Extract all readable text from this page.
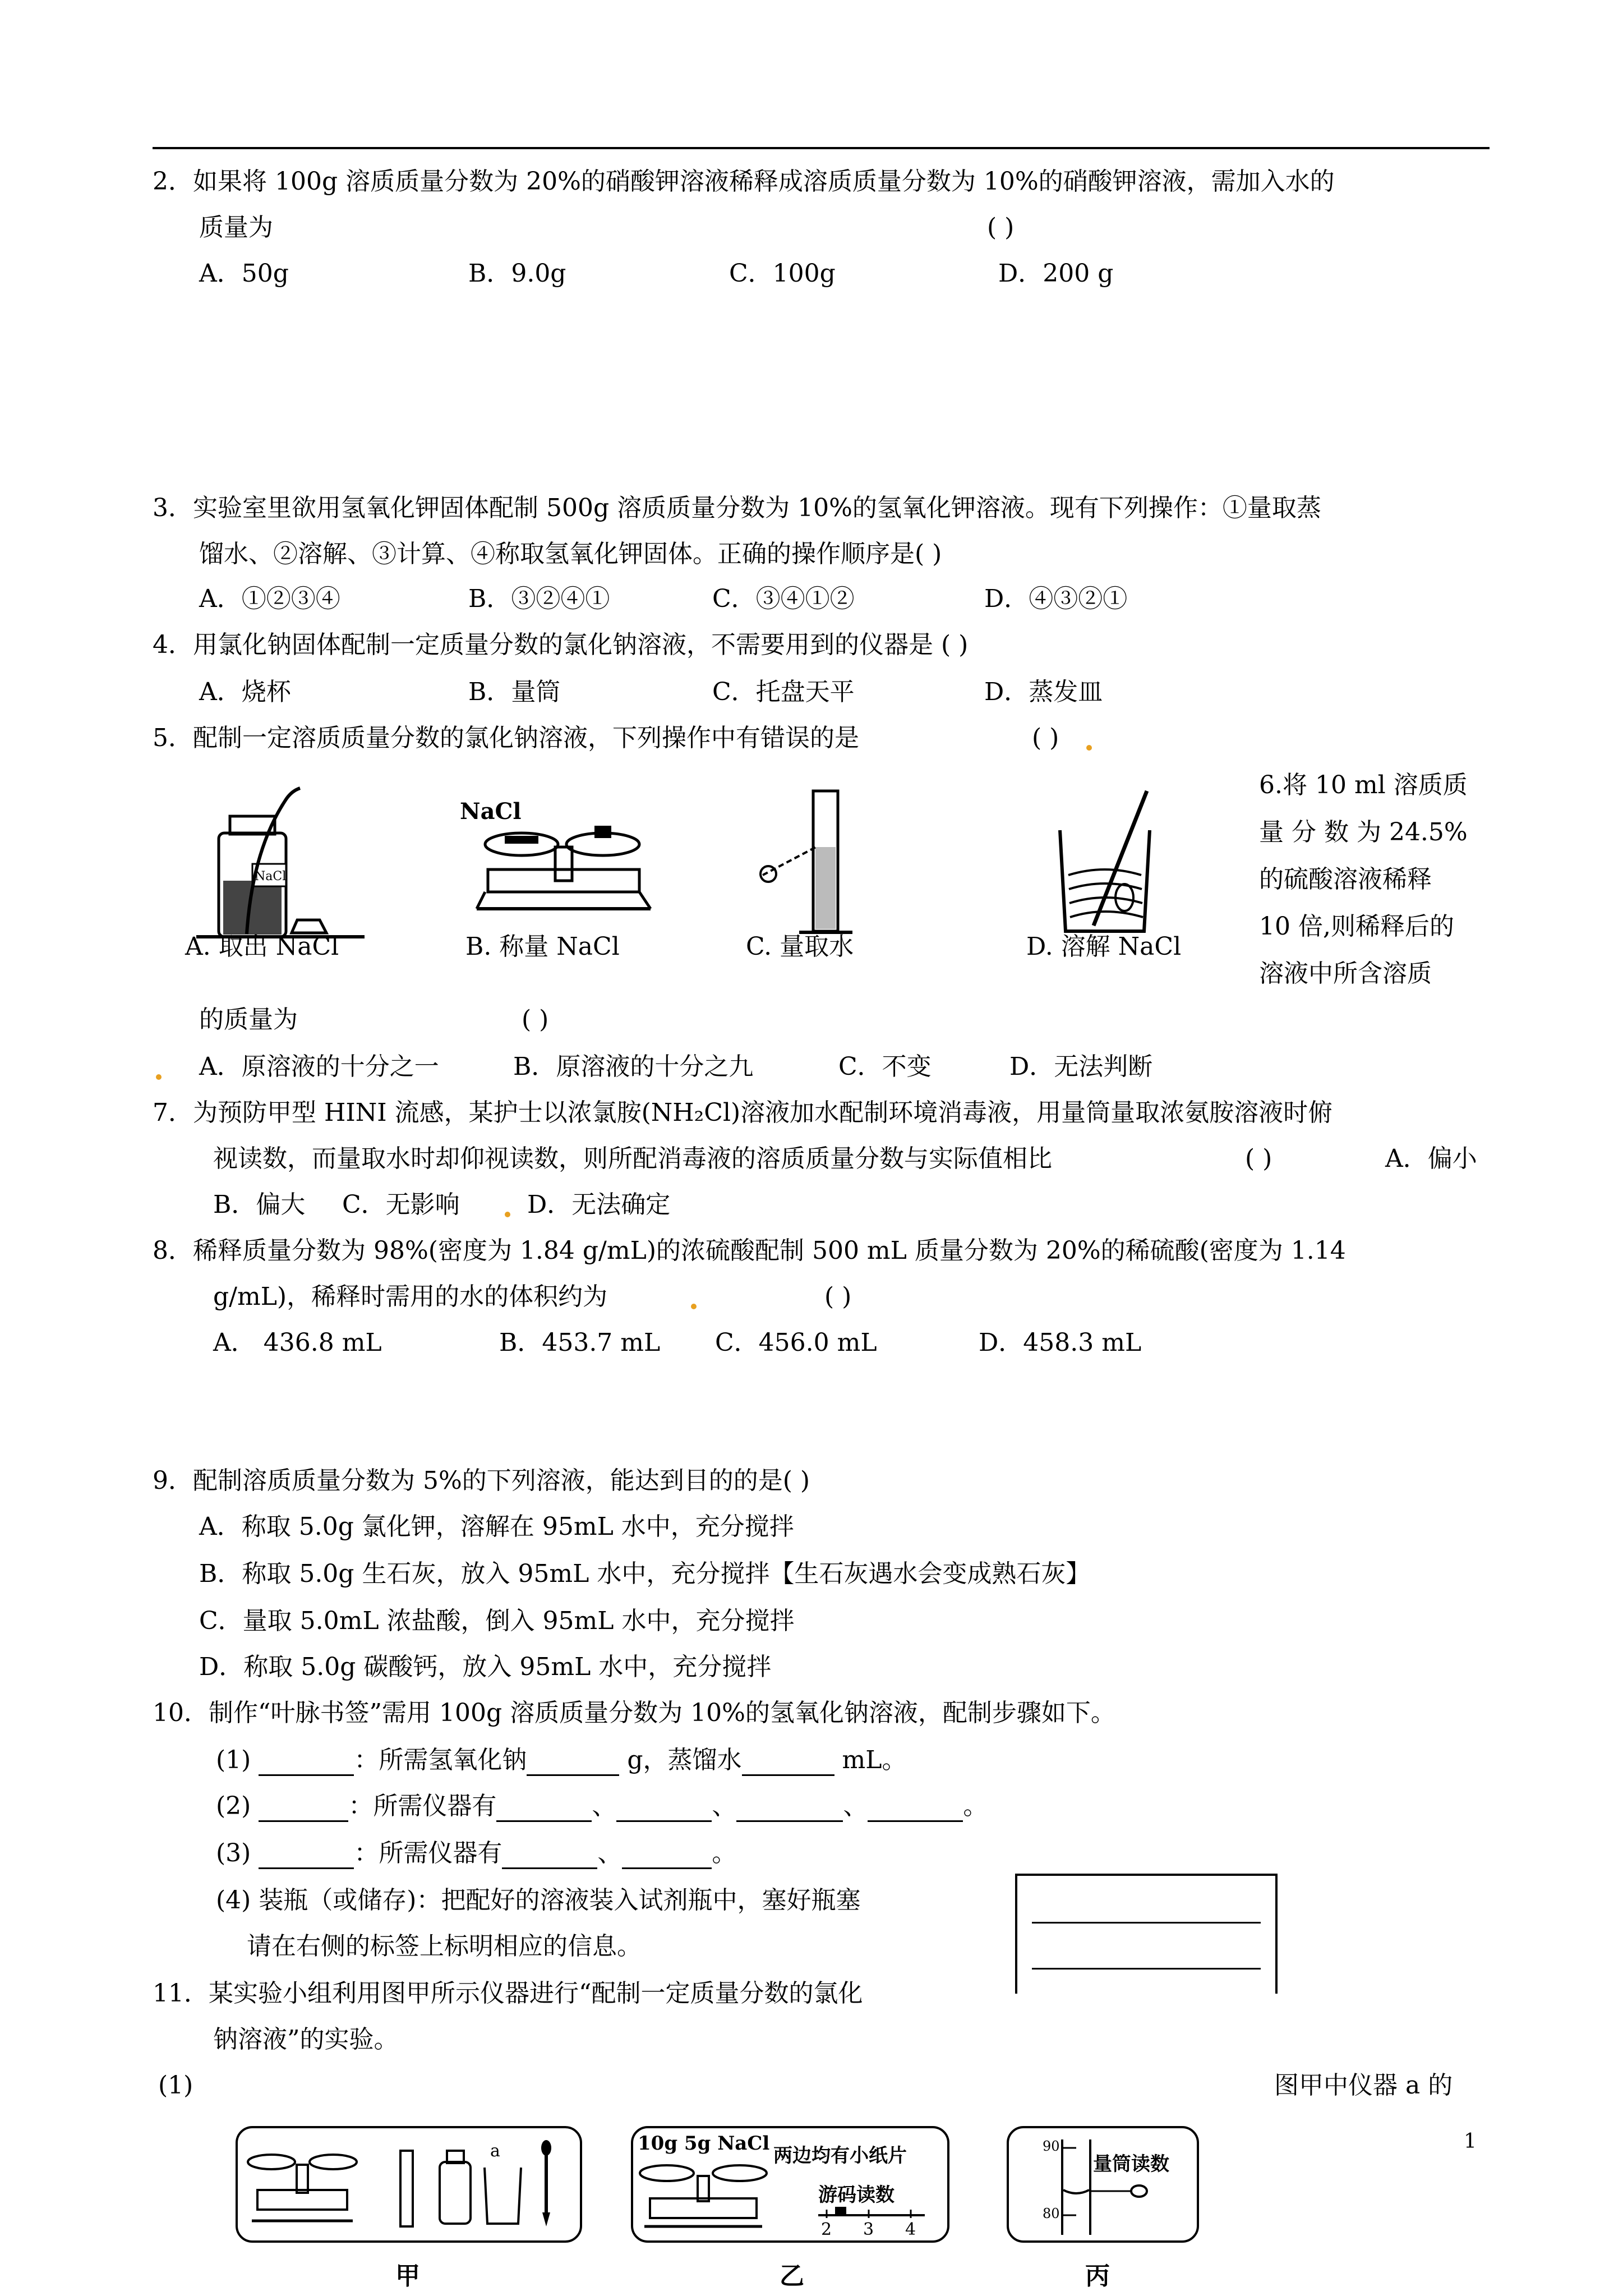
2．如果将 100g 溶质质量分数为 20%的硝酸钾溶液稀释成溶质质量分数为 10%的硝酸钾溶液，需加入水的
质量为	( )
A．50g	B．9.0g	C．100g	D．200 g
3．实验室里欲用氢氧化钾固体配制 500g 溶质质量分数为 10%的氢氧化钾溶液。现有下列操作：①量取蒸
馏水、②溶解、③计算、④称取氢氧化钾固体。正确的操作顺序是( )
A．①②③④	B．③②④①	C．③④①②	D．④③②①
4．用氯化钠固体配制一定质量分数的氯化钠溶液，不需要用到的仪器是 ( )
A．烧杯	B．量筒	C．托盘天平	D．蒸发皿
5．配制一定溶质质量分数的氯化钠溶液，下列操作中有错误的是	( )
NaCl
A. 取出 NaCl
NaCl
B. 称量 NaCl	C. 量取水	D. 溶解 NaCl
6.将 10 ml 溶质质
量 分 数 为 24.5%
的硫酸溶液稀释
10 倍,则稀释后的
溶液中所含溶质
的质量为	( )
A．原溶液的十分之一	B．原溶液的十分之九	C．不变	D．无法判断
7．为预防甲型 HINI 流感，某护士以浓氯胺(NH₂Cl)溶液加水配制环境消毒液，用量筒量取浓氨胺溶液时俯
视读数，而量取水时却仰视读数，则所配消毒液的溶质质量分数与实际值相比	( )	A．偏小
B．偏大 C．无影响	D．无法确定
8．稀释质量分数为 98%(密度为 1.84 g/mL)的浓硫酸配制 500 mL 质量分数为 20%的稀硫酸(密度为 1.14
g/mL)，稀释时需用的水的体积约为	( )
A． 436.8 mL	B．453.7 mL C．456.0 mL	D．458.3 mL
9．配制溶质质量分数为 5%的下列溶液，能达到目的的是( )
A．称取 5.0g 氯化钾，溶解在 95mL 水中，充分搅拌
B．称取 5.0g 生石灰，放入 95mL 水中，充分搅拌【生石灰遇水会变成熟石灰】
C．量取 5.0mL 浓盐酸，倒入 95mL 水中，充分搅拌
D．称取 5.0g 碳酸钙，放入 95mL 水中，充分搅拌
10．制作“叶脉书签”需用 100g 溶质质量分数为 10%的氢氧化钠溶液，配制步骤如下。
(1)	：所需氢氧化钠	g，蒸馏水	mL。
(2)	：所需仪器有	、	、	、	。
(3)	：所需仪器有	、	。
(4) 装瓶（或储存)：把配好的溶液装入试剂瓶中，塞好瓶塞
请在右侧的标签上标明相应的信息。
11．某实验小组利用图甲所示仪器进行“配制一定质量分数的氯化
钠溶液”的实验。
(1)	图甲中仪器 a 的
a
甲
10g 5g NaCl
两边均有小纸片
游码读数
2 3 4
乙
90
80
量筒读数
丙
1
